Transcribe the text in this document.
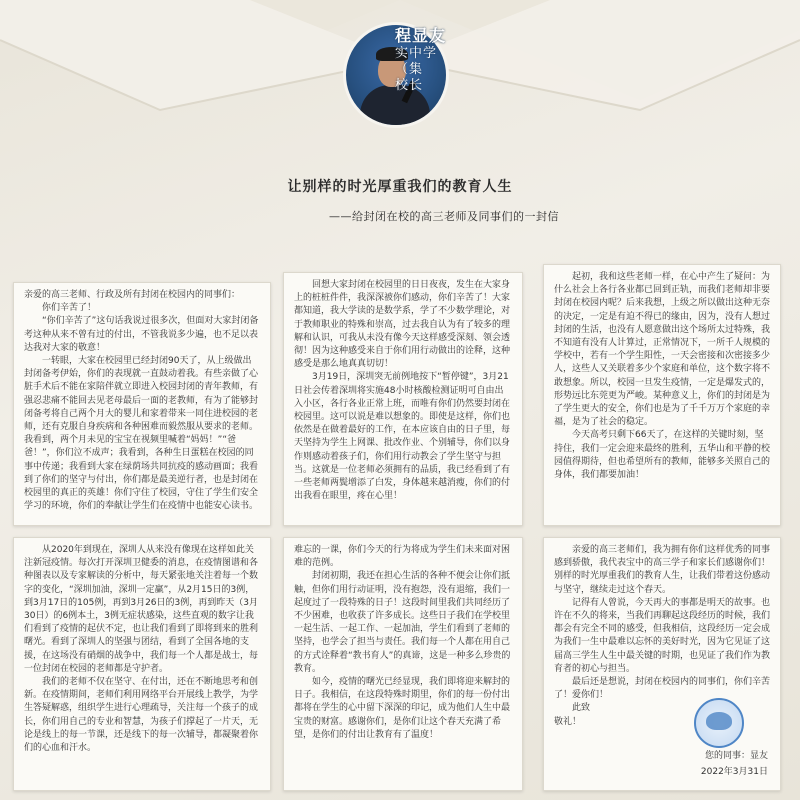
程显友
实中学（集
校长
让别样的时光厚重我们的教育人生
——给封闭在校的高三老师及同事们的一封信

亲爱的高三老师、行政及所有封闭在校园内的同事们：

你们辛苦了！

“你们辛苦了”这句话我说过很多次，但面对大家封闭备考这种从来不曾有过的付出，不管我说多少遍，也不足以表达我对大家的敬意！

一转眼，大家在校园里已经封闭90天了，从上级做出封闭备考伊始，你们的表现就一直鼓动着我。有些亲做了心脏手术后不能在家陪伴就立即进入校园封闭的青年教师，有强忍悲痛不能回去见老母最后一面的老教师，有为了能够封闭备考将自己两个月大的婴儿和家着带来一同住进校园的老师，还有克服自身疾病和各种困难而毅然服从要求的老师。我看到，两个月未见的宝宝在视频里喊着“妈妈！”“爸爸！”，你们泣不成声；我看到，各种生日蛋糕在校园的同事中传递；我看到大家在绿荫场共同抗疫的感动画面；我看到了你们的坚守与付出，你们都是最美逆行者，也是封闭在校园里的真正的英雄！你们守住了校园，守住了学生们安全学习的环境，你们的奉献让学生们在疫情中也能安心读书。

回想大家封闭在校园里的日日夜夜，发生在大家身上的桩桩件件，我深深被你们感动，你们辛苦了！大家都知道，我大学读的是数学系，学了不少数学理论，对于教师职业的特殊和崇高，过去我自认为有了较多的理解和认识，可我从未没有像今天这样感受深刻、领会透彻！因为这种感受来自于你们用行动做出的诠释，这种感受是那么地真真切切！

3月19日，深圳突无前例地按下“暂停键”，3月21日社会传着深圳将实施48小时核酸检测证明可自由出入小区，各行各业正常上班，而唯有你们仍然要封闭在校园里。这可以说是难以想象的。即使是这样，你们也依然是在做着最好的工作，在本应该自由的日子里，每天坚持为学生上网课、批改作业、个别辅导，你们以身作则感动着孩子们，你们用行动教会了学生坚守与担当。这就是一位老师必须拥有的品质，我已经看到了有一些老师两鬓增添了白发，身体越来越消瘦，你们的付出我看在眼里，疼在心里！

起初，我和这些老师一样，在心中产生了疑问：为什么社会上各行各业都已回到正轨，而我们老师却非要封闭在校园内呢？后来我想，上级之所以做出这种无奈的决定，一定是有迫不得已的缘由，因为，没有人想过封闭的生活，也没有人愿意做出这个场所太过特殊，我不知道有没有人计算过，正常情况下，一所千人规模的学校中，若有一个学生阳性，一天会密接和次密接多少人，这些人又关联着多少个家庭和单位，这个数字将不敢想象。所以，校园一旦发生疫情，一定是爆发式的，形势远比东莞更为严峻。某种意义上，你们的封闭是为了学生更大的安全，你们也是为了千千万万个家庭的幸福，是为了社会的稳定。

今天高考只剩下66天了，在这样的关键时刻，坚持住，我们一定会迎来最终的胜利，五华山和平静的校园值得期待，但也希望所有的教师，能够多关照自己的身体，我们都要加油！

从2020年到现在，深圳人从来没有像现在这样如此关注新冠疫情。每次打开深圳卫健委的消息，在疫情图谱和各种图表以及专家解读的分析中，每天紧张地关注着每一个数字的变化，“深圳加油，深圳一定赢”，从2月15日的3例，到3月17日的105例，再到3月26日的3例，再到昨天（3月30日）的6例本土，3例无症状感染，这些直观的数字让我们看到了疫情的起伏不定，也让我们看到了即将到来的胜利曙光。看到了深圳人的坚强与团结，看到了全国各地的支援，在这场没有硝烟的战争中，我们每一个人都是战士，每一位封闭在校园的老师都是守护者。

我们的老师不仅在坚守、在付出，还在不断地思考和创新。在疫情期间，老师们利用网络平台开展线上教学，为学生答疑解惑，组织学生进行心理疏导，关注每一个孩子的成长，你们用自己的专业和智慧，为孩子们撑起了一片天，无论是线上的每一节课，还是线下的每一次辅导，都凝聚着你们的心血和汗水。

难忘的一课，你们今天的行为将成为学生们未来面对困难的范例。

封闭初期，我还在担心生活的各种不便会让你们抵触，但你们用行动证明，没有抱怨，没有退缩，我们一起度过了一段特殊的日子！这段时间里我们共同经历了不少困难，也收获了许多成长。这些日子我们在学校里一起生活、一起工作、一起加油，学生们看到了老师的坚持，也学会了担当与责任。我们每一个人都在用自己的方式诠释着“教书育人”的真谛，这是一种多么珍贵的教育。

如今，疫情的曙光已经显现，我们即将迎来解封的日子。我相信，在这段特殊时期里，你们的每一份付出都将在学生的心中留下深深的印记，成为他们人生中最宝贵的财富。感谢你们，是你们让这个春天充满了希望，是你们的付出让教育有了温度！

亲爱的高三老师们，我为拥有你们这样优秀的同事感到骄傲，我代表宝中的高三学子和家长们感谢你们！别样的时光厚重我们的教育人生，让我们带着这份感动与坚守，继续走过这个春天。

记得有人曾说，今天再大的事都是明天的故事。也许在不久的将来，当我们再聊起这段经历的时候，我们都会有完全不同的感受，但我相信，这段经历一定会成为我们一生中最难以忘怀的美好时光，因为它见证了这届高三学生人生中最关键的时期，也见证了我们作为教育者的初心与担当。

最后还是想说，封闭在校园内的同事们，你们辛苦了！爱你们！

此致

敬礼！

您的同事：显友
2022年3月31日
